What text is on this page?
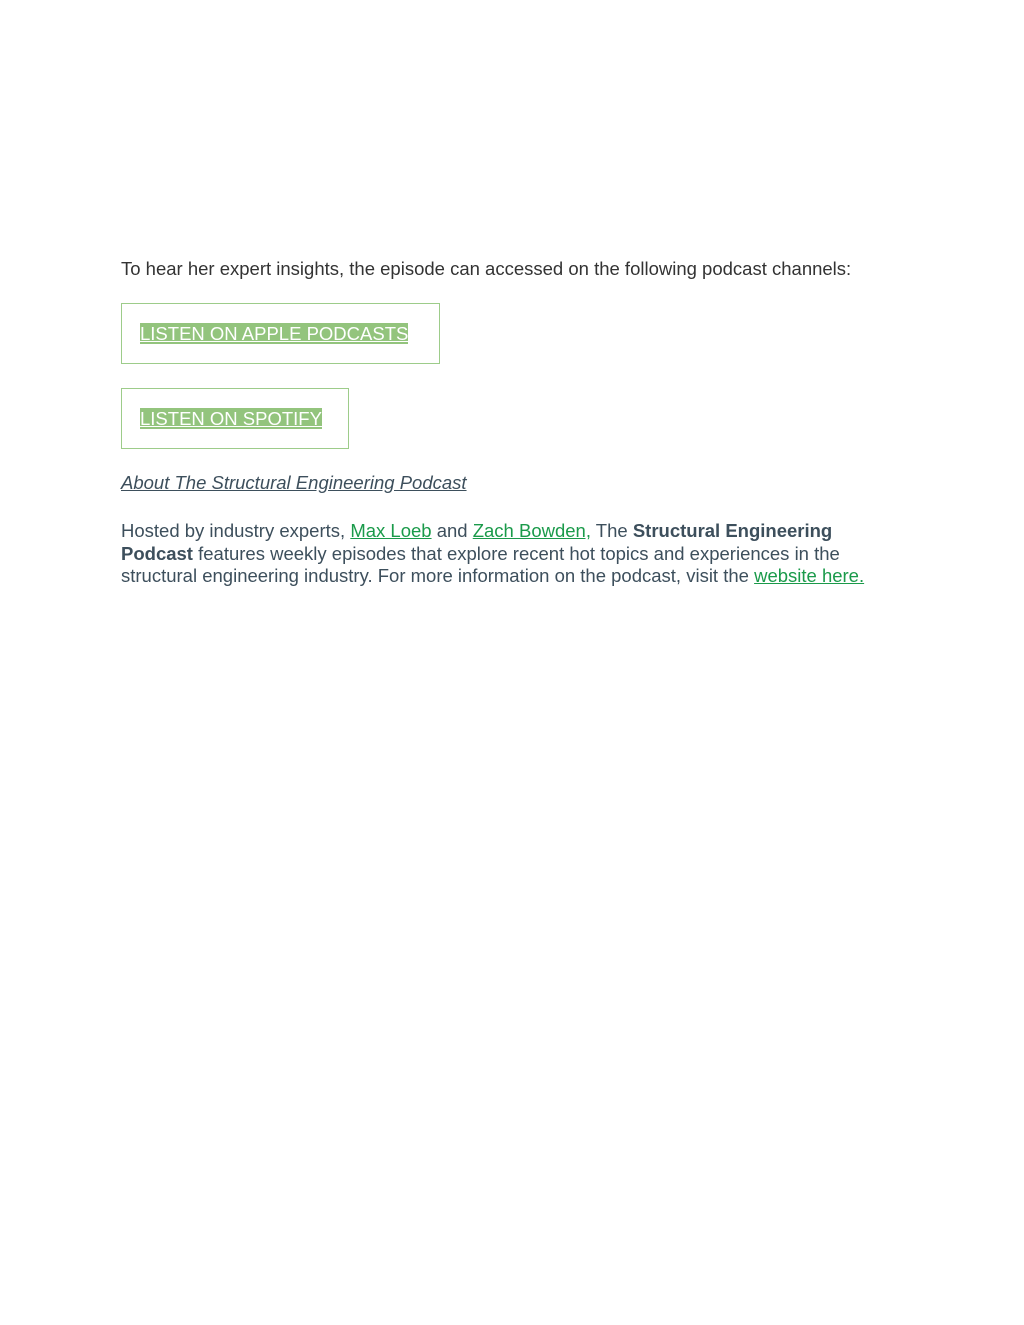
To hear her expert insights, the episode can accessed on the following podcast channels:

LISTEN ON APPLE PODCASTS
LISTEN ON SPOTIFY
About The Structural Engineering Podcast

Hosted by industry experts, Max Loeb and Zach Bowden, The Structural Engineering
Podcast features weekly episodes that explore recent hot topics and experiences in the
structural engineering industry. For more information on the podcast, visit the website here.
